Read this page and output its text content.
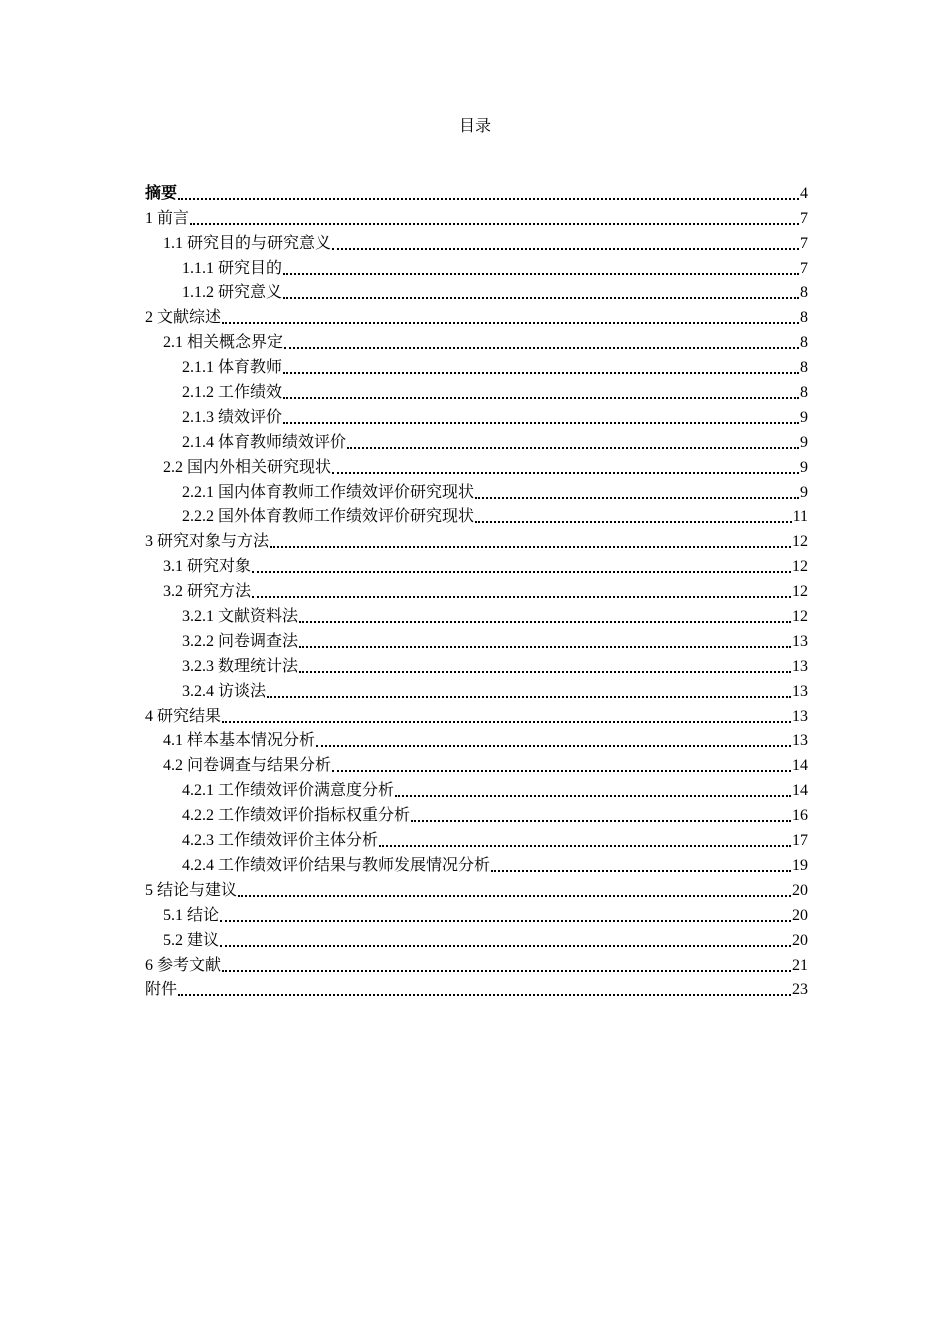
目录
摘要	4
1 前言	7
1.1 研究目的与研究意义	7
1.1.1 研究目的	7
1.1.2 研究意义	8
2 文献综述	8
2.1 相关概念界定	8
2.1.1 体育教师	8
2.1.2 工作绩效	8
2.1.3 绩效评价	9
2.1.4 体育教师绩效评价	9
2.2 国内外相关研究现状	9
2.2.1 国内体育教师工作绩效评价研究现状	9
2.2.2 国外体育教师工作绩效评价研究现状	11
3 研究对象与方法	12
3.1 研究对象	12
3.2 研究方法	12
3.2.1 文献资料法	12
3.2.2 问卷调查法	13
3.2.3 数理统计法	13
3.2.4 访谈法	13
4 研究结果	13
4.1 样本基本情况分析	13
4.2 问卷调查与结果分析	14
4.2.1 工作绩效评价满意度分析	14
4.2.2 工作绩效评价指标权重分析	16
4.2.3 工作绩效评价主体分析	17
4.2.4 工作绩效评价结果与教师发展情况分析	19
5 结论与建议	20
5.1 结论	20
5.2 建议	20
6 参考文献	21
附件	23
